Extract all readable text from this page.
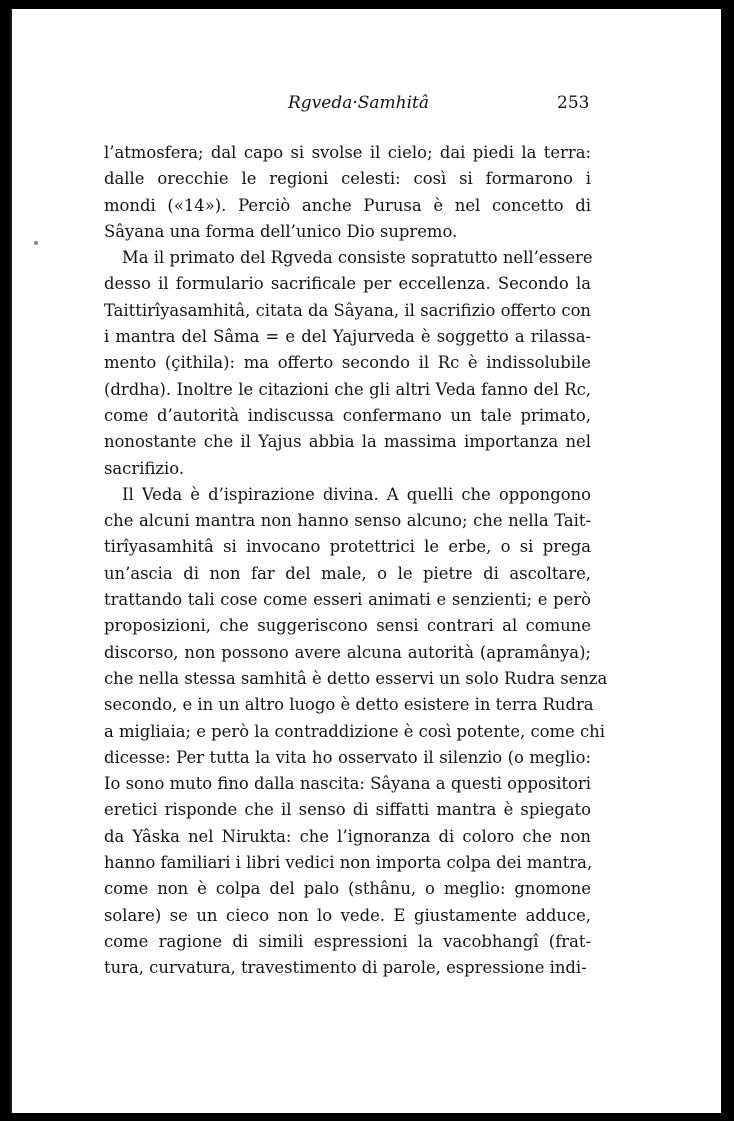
Rgveda·Samhitâ	253

l’atmosfera; dal capo si svolse il cielo; dai piedi la terra:
dalle orecchie le regioni celesti: così si formarono i
mondi («14»). Perciò anche Purusa è nel concetto di
Sâyana una forma dell’unico Dio supremo.

Ma il primato del Rgveda consiste sopratutto nell’essere
desso il formulario sacrificale per eccellenza. Secondo la
Taittirîyasamhitâ, citata da Sâyana, il sacrifizio offerto con
i mantra del Sâma = e del Yajurveda è soggetto a rilassa-
mento (çithila): ma offerto secondo il Rc è indissolubile
(drdha). Inoltre le citazioni che gli altri Veda fanno del Rc,
come d’autorità indiscussa confermano un tale primato,
nonostante che il Yajus abbia la massima importanza nel
sacrifizio.

Il Veda è d’ispirazione divina. A quelli che oppongono
che alcuni mantra non hanno senso alcuno; che nella Tait-
tirîyasamhitâ si invocano protettrici le erbe, o si prega
un’ascia di non far del male, o le pietre di ascoltare,
trattando tali cose come esseri animati e senzienti; e però
proposizioni, che suggeriscono sensi contrari al comune
discorso, non possono avere alcuna autorità (apramânya);
che nella stessa samhitâ è detto esservi un solo Rudra senza
secondo, e in un altro luogo è detto esistere in terra Rudra
a migliaia; e però la contraddizione è così potente, come chi
dicesse: Per tutta la vita ho osservato il silenzio (o meglio:
Io sono muto fino dalla nascita: Sâyana a questi oppositori
eretici risponde che il senso di siffatti mantra è spiegato
da Yâska nel Nirukta: che l’ignoranza di coloro che non
hanno familiari i libri vedici non importa colpa dei mantra,
come non è colpa del palo (sthânu, o meglio: gnomone
solare) se un cieco non lo vede. E giustamente adduce,
come ragione di simili espressioni la vacobhangî (frat-
tura, curvatura, travestimento di parole, espressione indi-
